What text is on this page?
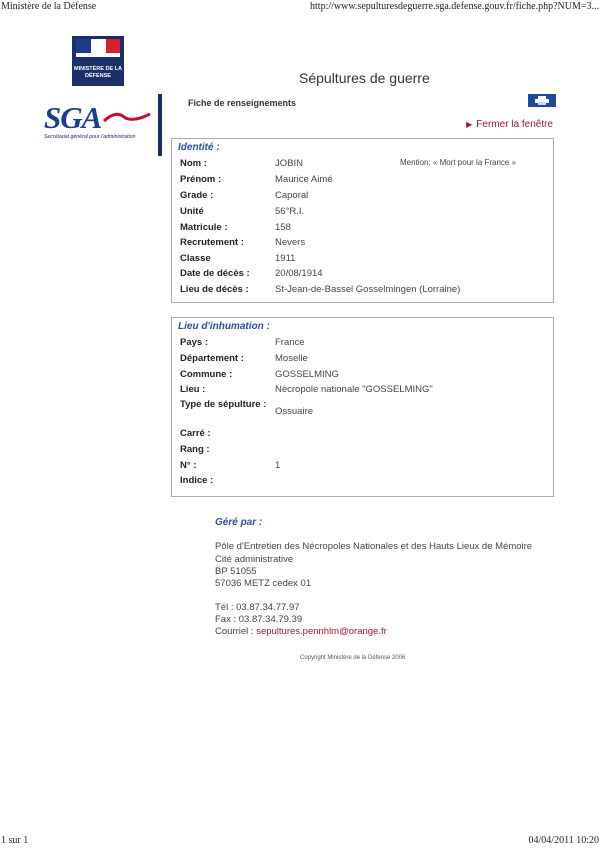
Ministère de la Défense	http://www.sepulturesdeguerre.sga.defense.gouv.fr/fiche.php?NUM=3...
MINISTÈRE DE LA DÉFENSE	Sépultures de guerre
SGA
Secrétariat général pour l'administration
Fiche de renseignements
▶ Fermer la fenêtre
Identité :
Mention: « Mort pour la France »
Nom :	JOBIN
Prénom :	Maurice Aimé
Grade :	Caporal
Unité	56°R.I.
Matricule :	158
Recrutement :	Nevers
Classe	1911
Date de décès :	20/08/1914
Lieu de décès :	St-Jean-de-Bassel Gosselmingen (Lorraine)
Lieu d'inhumation :
Pays :	France
Département :	Moselle
Commune :	GOSSELMING
Lieu :	Nécropole nationale "GOSSELMING"
Type de sépulture :
Ossuaire
Carré :
Rang :
N° :	1
Indice :
Géré par :
Pôle d'Entretien des Nécropoles Nationales et des Hauts Lieux de Mémoire
Cité administrative
BP 51055
57036 METZ cedex 01
Tél : 03.87.34.77.97
Fax : 03.87.34.79.39
Courriel : sepultures.pennhlm@orange.fr
Copyright Ministère de la Défense 2006
1 sur 1	04/04/2011 10:20
